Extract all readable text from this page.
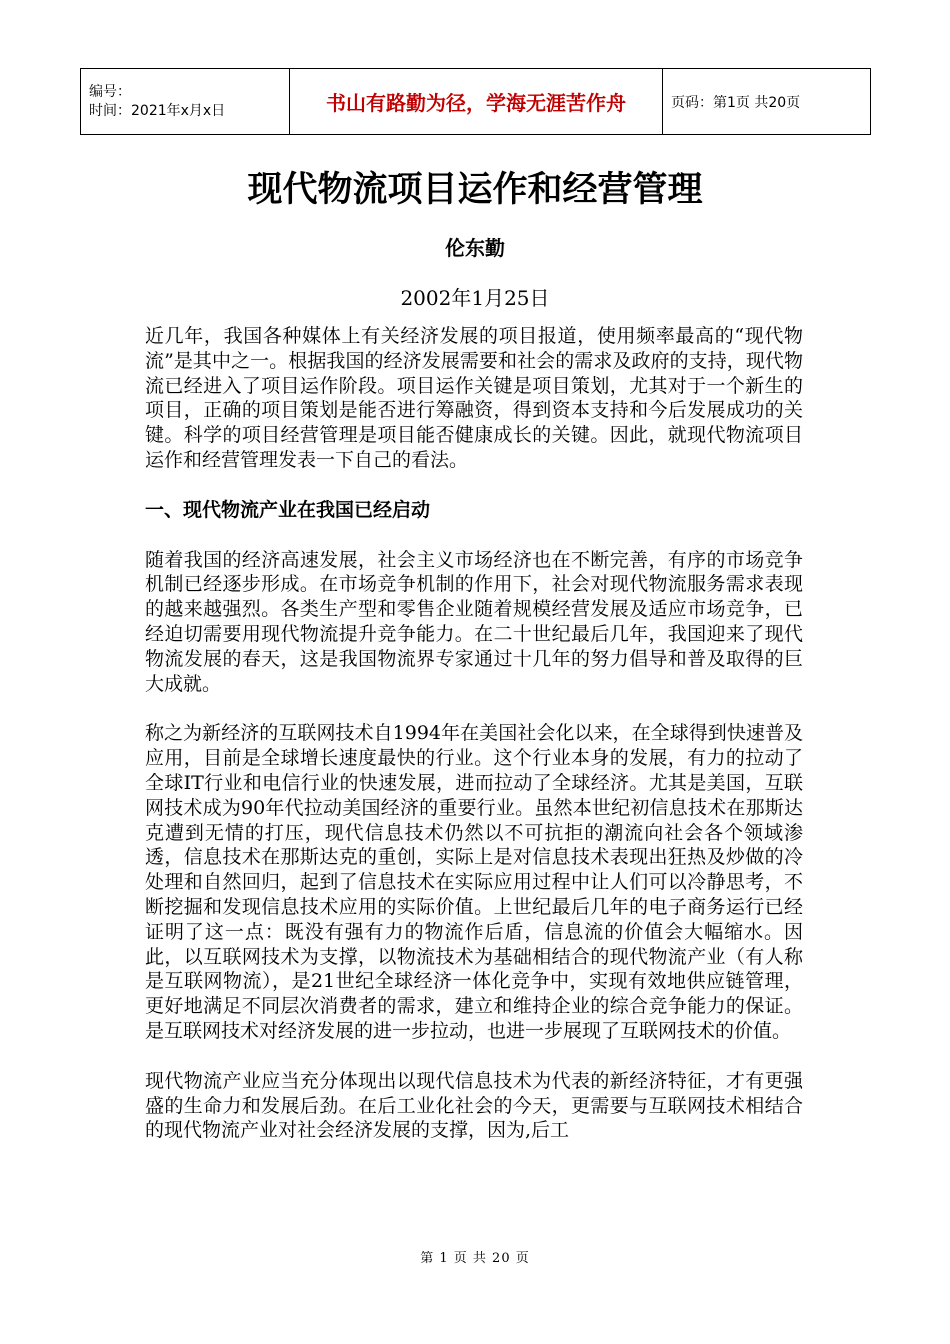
编号：
时间：2021年x月x日	书山有路勤为径，学海无涯苦作舟	页码：第1页 共20页
现代物流项目运作和经营管理
伦东勤
2002年1月25日

近几年，我国各种媒体上有关经济发展的项目报道，使用频率最高的“现代物流”是其中之一。根据我国的经济发展需要和社会的需求及政府的支持，现代物流已经进入了项目运作阶段。项目运作关键是项目策划，尤其对于一个新生的项目，正确的项目策划是能否进行筹融资，得到资本支持和今后发展成功的关键。科学的项目经营管理是项目能否健康成长的关键。因此，就现代物流项目运作和经营管理发表一下自己的看法。

一、现代物流产业在我国已经启动

随着我国的经济高速发展，社会主义市场经济也在不断完善，有序的市场竞争机制已经逐步形成。在市场竞争机制的作用下，社会对现代物流服务需求表现的越来越强烈。各类生产型和零售企业随着规模经营发展及适应市场竞争，已经迫切需要用现代物流提升竞争能力。在二十世纪最后几年，我国迎来了现代物流发展的春天，这是我国物流界专家通过十几年的努力倡导和普及取得的巨大成就。

称之为新经济的互联网技术自1994年在美国社会化以来，在全球得到快速普及应用，目前是全球增长速度最快的行业。这个行业本身的发展，有力的拉动了全球IT行业和电信行业的快速发展，进而拉动了全球经济。尤其是美国，互联网技术成为90年代拉动美国经济的重要行业。虽然本世纪初信息技术在那斯达克遭到无情的打压，现代信息技术仍然以不可抗拒的潮流向社会各个领域渗透，信息技术在那斯达克的重创，实际上是对信息技术表现出狂热及炒做的冷处理和自然回归，起到了信息技术在实际应用过程中让人们可以冷静思考，不断挖掘和发现信息技术应用的实际价值。上世纪最后几年的电子商务运行已经证明了这一点：既没有强有力的物流作后盾，信息流的价值会大幅缩水。因此，以互联网技术为支撑，以物流技术为基础相结合的现代物流产业（有人称是互联网物流），是21世纪全球经济一体化竞争中，实现有效地供应链管理，更好地满足不同层次消费者的需求，建立和维持企业的综合竞争能力的保证。是互联网技术对经济发展的进一步拉动，也进一步展现了互联网技术的价值。

现代物流产业应当充分体现出以现代信息技术为代表的新经济特征，才有更强盛的生命力和发展后劲。在后工业化社会的今天，更需要与互联网技术相结合的现代物流产业对社会经济发展的支撑，因为,后工

第 1 页 共 20 页
